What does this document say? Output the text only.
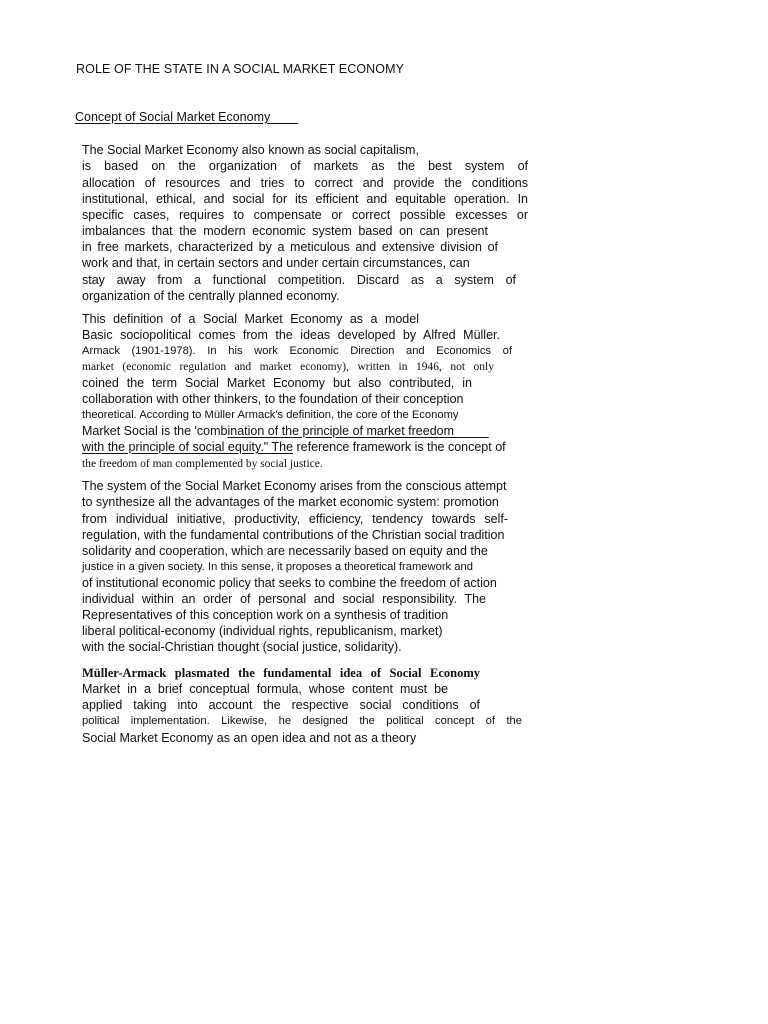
ROLE OF THE STATE IN A SOCIAL MARKET ECONOMY
Concept of Social Market Economy
The Social Market Economy also known as social capitalism,
is based on the organization of markets as the best system of
allocation of resources and tries to correct and provide the conditions
institutional, ethical, and social for its efficient and equitable operation. In
specific cases, requires to compensate or correct possible excesses or
imbalances that the modern economic system based on can present
in free markets, characterized by a meticulous and extensive division of
work and that, in certain sectors and under certain circumstances, can
stay away from a functional competition. Discard as a system of
organization of the centrally planned economy.
This definition of a Social Market Economy as a model
Basic sociopolitical comes from the ideas developed by Alfred Müller.
Armack (1901-1978). In his work Economic Direction and Economics of
market (economic regulation and market economy), written in 1946, not only
coined the term Social Market Economy but also contributed, in
collaboration with other thinkers, to the foundation of their conception
theoretical. According to Müller Armack's definition, the core of the Economy
Market Social is the 'combination of the principle of market freedom
with the principle of social equity." The reference framework is the concept of
the freedom of man complemented by social justice.
The system of the Social Market Economy arises from the conscious attempt
to synthesize all the advantages of the market economic system: promotion
from individual initiative, productivity, efficiency, tendency towards self-
regulation, with the fundamental contributions of the Christian social tradition
solidarity and cooperation, which are necessarily based on equity and the
justice in a given society. In this sense, it proposes a theoretical framework and
of institutional economic policy that seeks to combine the freedom of action
individual within an order of personal and social responsibility. The
Representatives of this conception work on a synthesis of tradition
liberal political-economy (individual rights, republicanism, market)
with the social-Christian thought (social justice, solidarity).
Müller-Armack plasmated the fundamental idea of Social Economy
Market in a brief conceptual formula, whose content must be
applied taking into account the respective social conditions of
political implementation. Likewise, he designed the political concept of the
Social Market Economy as an open idea and not as a theory
